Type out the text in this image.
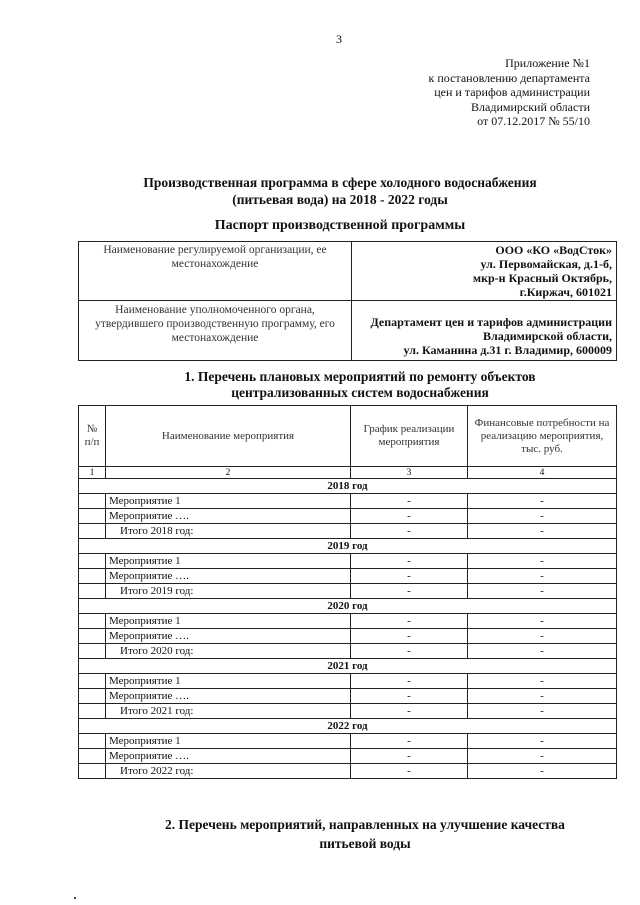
3
Приложение №1
к постановлению департамента
цен и тарифов администрации
Владимирский области
от 07.12.2017 № 55/10
Производственная программа в сфере холодного водоснабжения
(питьевая вода) на 2018 - 2022 годы
Паспорт производственной программы
Наименование регулируемой организации, ее местонахождение	ООО «КО «ВодСток»
ул. Первомайская, д.1-б,
мкр-н Красный Октябрь,
г.Киржач, 601021

Наименование уполномоченного органа, утвердившего производственную программу, его местонахождение	Департамент цен и тарифов администрации
Владимирской области,
ул. Каманина д.31 г. Владимир, 600009
1. Перечень плановых мероприятий по ремонту объектов
централизованных систем водоснабжения
№ п/п	Наименование мероприятия	График реализации мероприятия	Финансовые потребности на реализацию мероприятия, тыс. руб.
1	2	3	4
2018 год			
	Мероприятие 1	-	-
	Мероприятие ….	-	-
	Итого 2018 год:	-	-
2019 год			
	Мероприятие 1	-	-
	Мероприятие ….	-	-
	Итого 2019 год:	-	-
2020 год			
	Мероприятие 1	-	-
	Мероприятие ….	-	-
	Итого 2020 год:	-	-
2021 год			
	Мероприятие 1	-	-
	Мероприятие ….	-	-
	Итого 2021 год:	-	-
2022 год			
	Мероприятие 1	-	-
	Мероприятие ….	-	-
	Итого 2022 год:	-	-
2. Перечень мероприятий, направленных на улучшение качества
питьевой воды
